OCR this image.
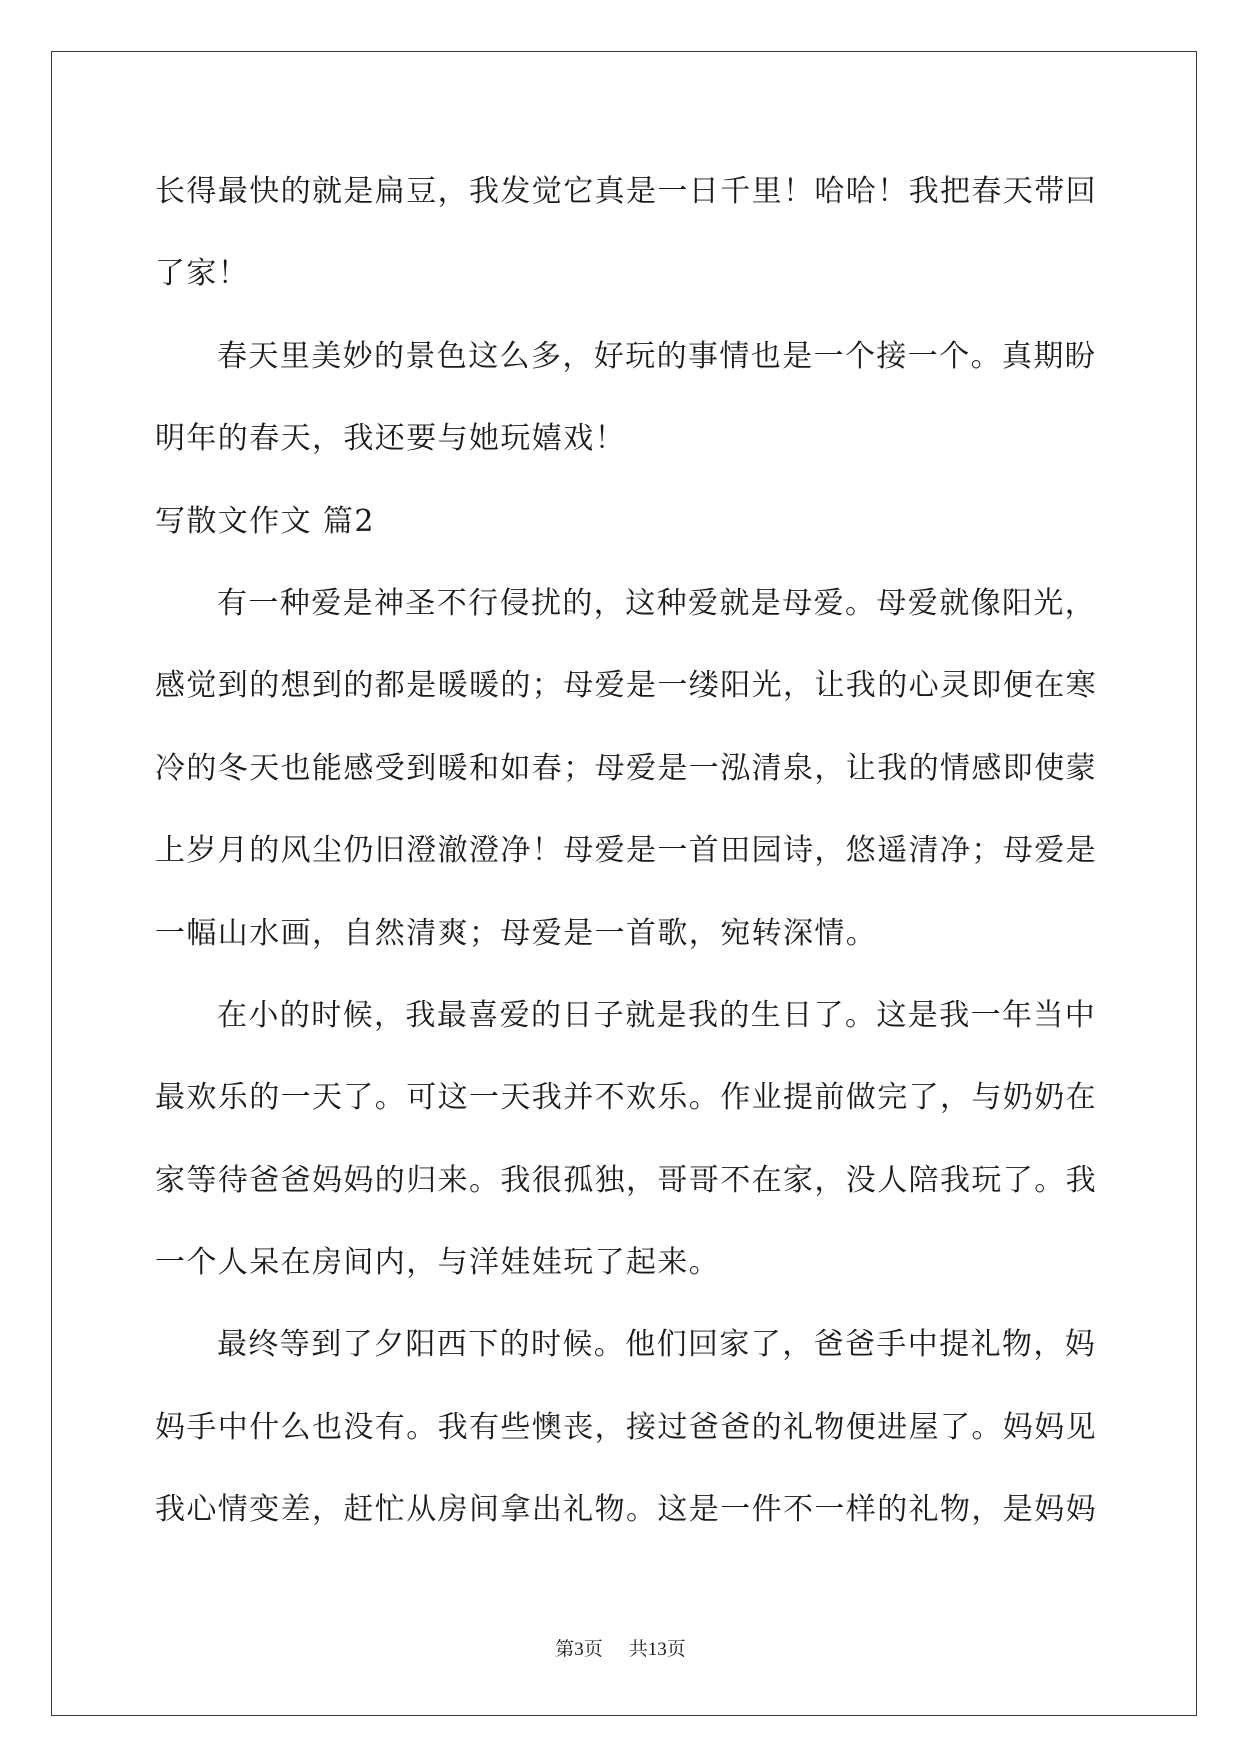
长得最快的就是扁豆，我发觉它真是一日千里！哈哈！我把春天带回
了家！
春天里美妙的景色这么多，好玩的事情也是一个接一个。真期盼
明年的春天，我还要与她玩嬉戏！
写散文作文 篇2
有一种爱是神圣不行侵扰的，这种爱就是母爱。母爱就像阳光，
感觉到的想到的都是暖暖的；母爱是一缕阳光，让我的心灵即便在寒
冷的冬天也能感受到暖和如春；母爱是一泓清泉，让我的情感即使蒙
上岁月的风尘仍旧澄澈澄净！母爱是一首田园诗，悠遥清净；母爱是
一幅山水画，自然清爽；母爱是一首歌，宛转深情。
在小的时候，我最喜爱的日子就是我的生日了。这是我一年当中
最欢乐的一天了。可这一天我并不欢乐。作业提前做完了，与奶奶在
家等待爸爸妈妈的归来。我很孤独，哥哥不在家，没人陪我玩了。我
一个人呆在房间内，与洋娃娃玩了起来。
最终等到了夕阳西下的时候。他们回家了，爸爸手中提礼物，妈
妈手中什么也没有。我有些懊丧，接过爸爸的礼物便进屋了。妈妈见
我心情变差，赶忙从房间拿出礼物。这是一件不一样的礼物，是妈妈
第3页 共13页
